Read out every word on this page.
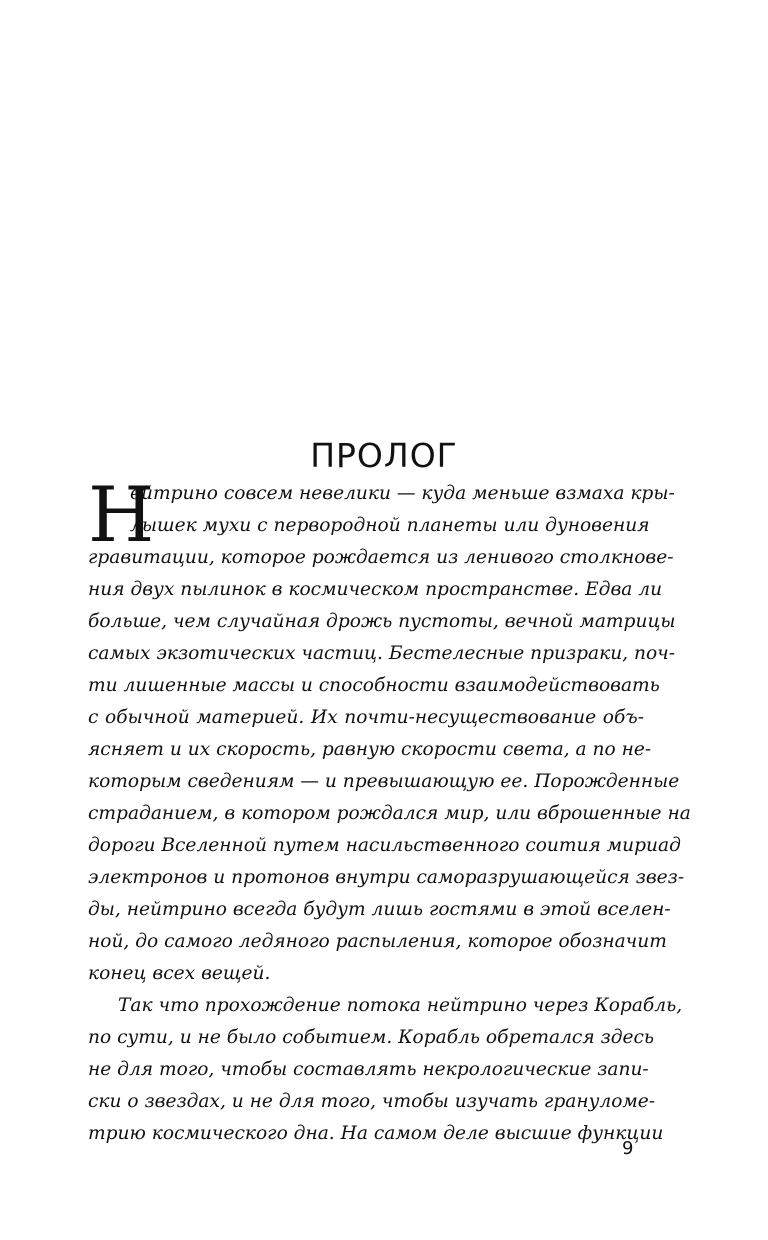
ПРОЛОГ
Н
ейтрино совсем невелики — куда меньше взмаха кры-
лышек мухи с первородной планеты или дуновения
гравитации, которое рождается из ленивого столкнове-
ния двух пылинок в космическом пространстве. Едва ли
больше, чем случайная дрожь пустоты, вечной матрицы
самых экзотических частиц. Бестелесные призраки, поч-
ти лишенные массы и способности взаимодействовать
с обычной материей. Их почти-несуществование объ-
ясняет и их скорость, равную скорости света, а по не-
которым сведениям — и превышающую ее. Порожденные
страданием, в котором рождался мир, или вброшенные на
дороги Вселенной путем насильственного соития мириад
электронов и протонов внутри саморазрушающейся звез-
ды, нейтрино всегда будут лишь гостями в этой вселен-
ной, до самого ледяного распыления, которое обозначит
конец всех вещей.
Так что прохождение потока нейтрино через Корабль,
по сути, и не было событием. Корабль обретался здесь
не для того, чтобы составлять некрологические запи-
ски о звездах, и не для того, чтобы изучать грануломе-
трию космического дна. На самом деле высшие функции
9
